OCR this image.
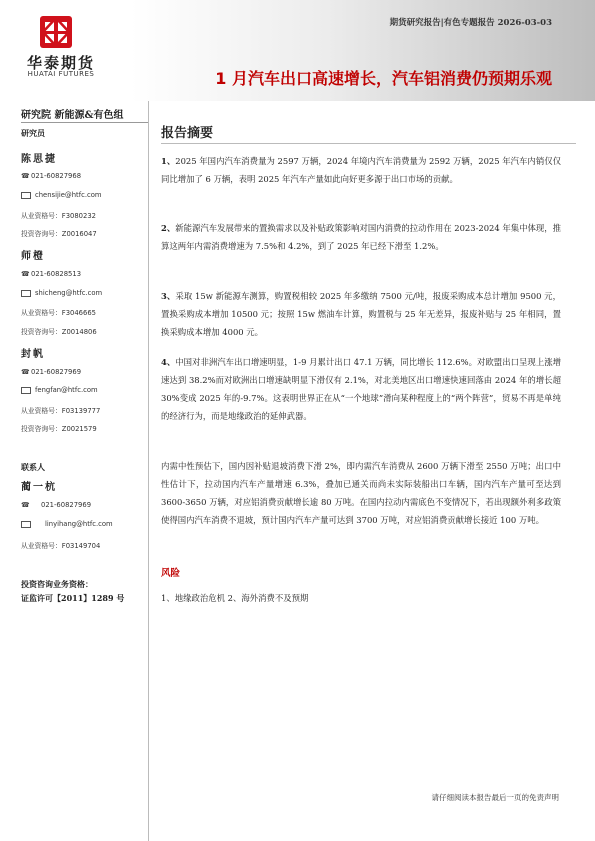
华泰期货
HUATAI FUTURES
期货研究报告|有色专题报告 2026-03-03
1 月汽车出口高速增长，汽车铝消费仍预期乐观
研究院 新能源&有色组
研究员
陈思捷
☎021-60827968
chensijie@htfc.com
从业资格号：F3080232
投资咨询号：Z0016047
师橙
☎021-60828513
shicheng@htfc.com
从业资格号：F3046665
投资咨询号：Z0014806
封帆
☎021-60827969
fengfan@htfc.com
从业资格号：F03139777
投资咨询号：Z0021579
联系人
蔺一杭
☎ 021-60827969
linyihang@htfc.com
从业资格号：F03149704
投资咨询业务资格：
证监许可【2011】1289 号
报告摘要
1、2025 年国内汽车消费量为 2597 万辆，2024 年境内汽车消费量为 2592 万辆，2025 年汽车内销仅仅同比增加了 6 万辆，表明 2025 年汽车产量如此向好更多源于出口市场的贡献。
2、新能源汽车发展带来的置换需求以及补贴政策影响对国内消费的拉动作用在 2023-2024 年集中体现，推算这两年内需消费增速为 7.5%和 4.2%，到了 2025 年已经下滑至 1.2%。
3、采取 15w 新能源车测算，购置税相较 2025 年多缴纳 7500 元/吨，报废采购成本总计增加 9500 元，置换采购成本增加 10500 元；按照 15w 燃油车计算，购置税与 25 年无差异，报废补贴与 25 年相同，置换采购成本增加 4000 元。
4、中国对非洲汽车出口增速明显，1-9 月累计出口 47.1 万辆，同比增长 112.6%。对欧盟出口呈现上涨增速达到 38.2%而对欧洲出口增速缺明显下滑仅有 2.1%，对北美地区出口增速快速回落由 2024 年的增长超 30%变成 2025 年的-9.7%。这表明世界正在从“一个地球”滑向某种程度上的“两个阵营”，贸易不再是单纯的经济行为，而是地缘政治的延伸武器。
内需中性预估下，国内因补贴退坡消费下滑 2%，即内需汽车消费从 2600 万辆下滑至 2550 万吨；出口中性估计下，拉动国内汽车产量增速 6.3%，叠加已通关而尚未实际装船出口车辆，国内汽车产量可至达到 3600-3650 万辆，对应铝消费贡献增长逾 80 万吨。在国内拉动内需底色不变情况下，若出现额外利多政策使得国内汽车消费不退坡，预计国内汽车产量可达到 3700 万吨，对应铝消费贡献增长接近 100 万吨。
风险
1、地缘政治危机 2、海外消费不及预期
请仔细阅读本报告最后一页的免责声明
